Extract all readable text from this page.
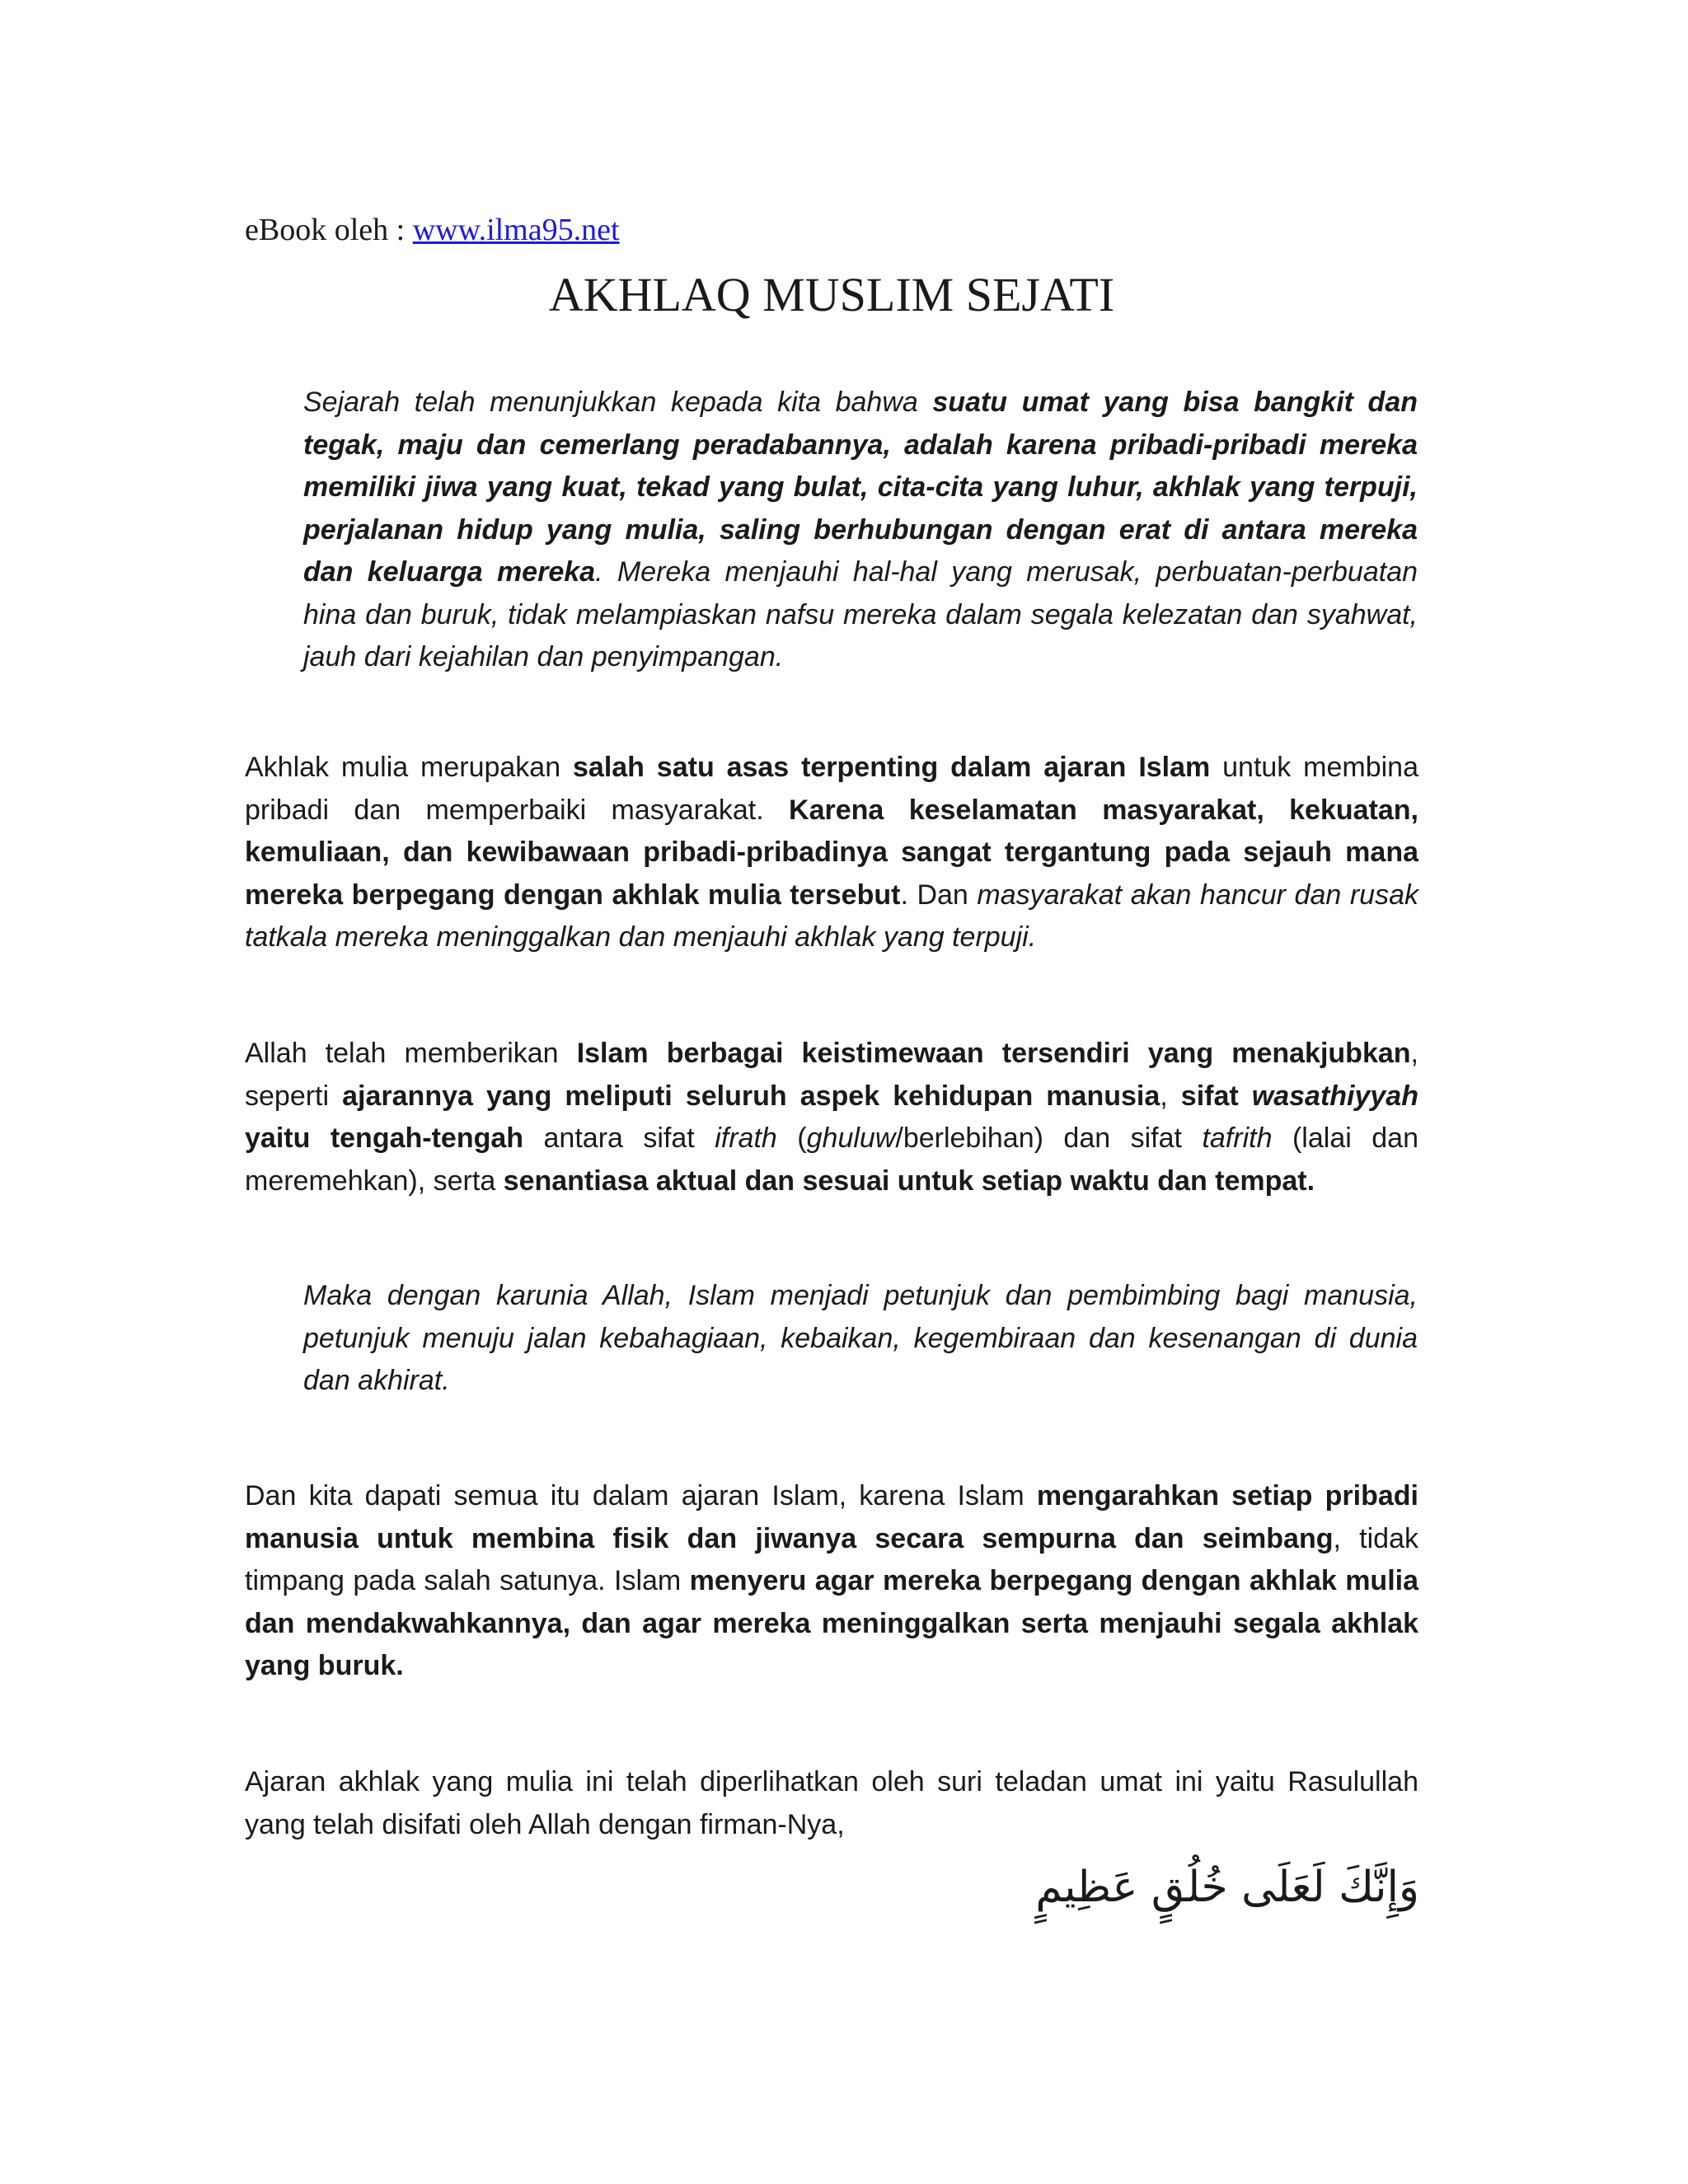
eBook oleh : www.ilma95.net
AKHLAQ MUSLIM SEJATI

Sejarah telah menunjukkan kepada kita bahwa suatu umat yang bisa bangkit dan tegak, maju dan cemerlang peradabannya, adalah karena pribadi-pribadi mereka memiliki jiwa yang kuat, tekad yang bulat, cita-cita yang luhur, akhlak yang terpuji, perjalanan hidup yang mulia, saling berhubungan dengan erat di antara mereka dan keluarga mereka. Mereka menjauhi hal-hal yang merusak, perbuatan-perbuatan hina dan buruk, tidak melampiaskan nafsu mereka dalam segala kelezatan dan syahwat, jauh dari kejahilan dan penyimpangan.

Akhlak mulia merupakan salah satu asas terpenting dalam ajaran Islam untuk membina pribadi dan memperbaiki masyarakat. Karena keselamatan masyarakat, kekuatan, kemuliaan, dan kewibawaan pribadi-pribadinya sangat tergantung pada sejauh mana mereka berpegang dengan akhlak mulia tersebut. Dan masyarakat akan hancur dan rusak tatkala mereka meninggalkan dan menjauhi akhlak yang terpuji.

Allah telah memberikan Islam berbagai keistimewaan tersendiri yang menakjubkan, seperti ajarannya yang meliputi seluruh aspek kehidupan manusia, sifat wasathiyyah yaitu tengah-tengah antara sifat ifrath (ghuluw/berlebihan) dan sifat tafrith (lalai dan meremehkan), serta senantiasa aktual dan sesuai untuk setiap waktu dan tempat.

Maka dengan karunia Allah, Islam menjadi petunjuk dan pembimbing bagi manusia, petunjuk menuju jalan kebahagiaan, kebaikan, kegembiraan dan kesenangan di dunia dan akhirat.

Dan kita dapati semua itu dalam ajaran Islam, karena Islam mengarahkan setiap pribadi manusia untuk membina fisik dan jiwanya secara sempurna dan seimbang, tidak timpang pada salah satunya. Islam menyeru agar mereka berpegang dengan akhlak mulia dan mendakwahkannya, dan agar mereka meninggalkan serta menjauhi segala akhlak yang buruk.

Ajaran akhlak yang mulia ini telah diperlihatkan oleh suri teladan umat ini yaitu Rasulullah yang telah disifati oleh Allah dengan firman-Nya,

وَإِنَّكَ لَعَلَى خُلُقٍ عَظِيمٍ
